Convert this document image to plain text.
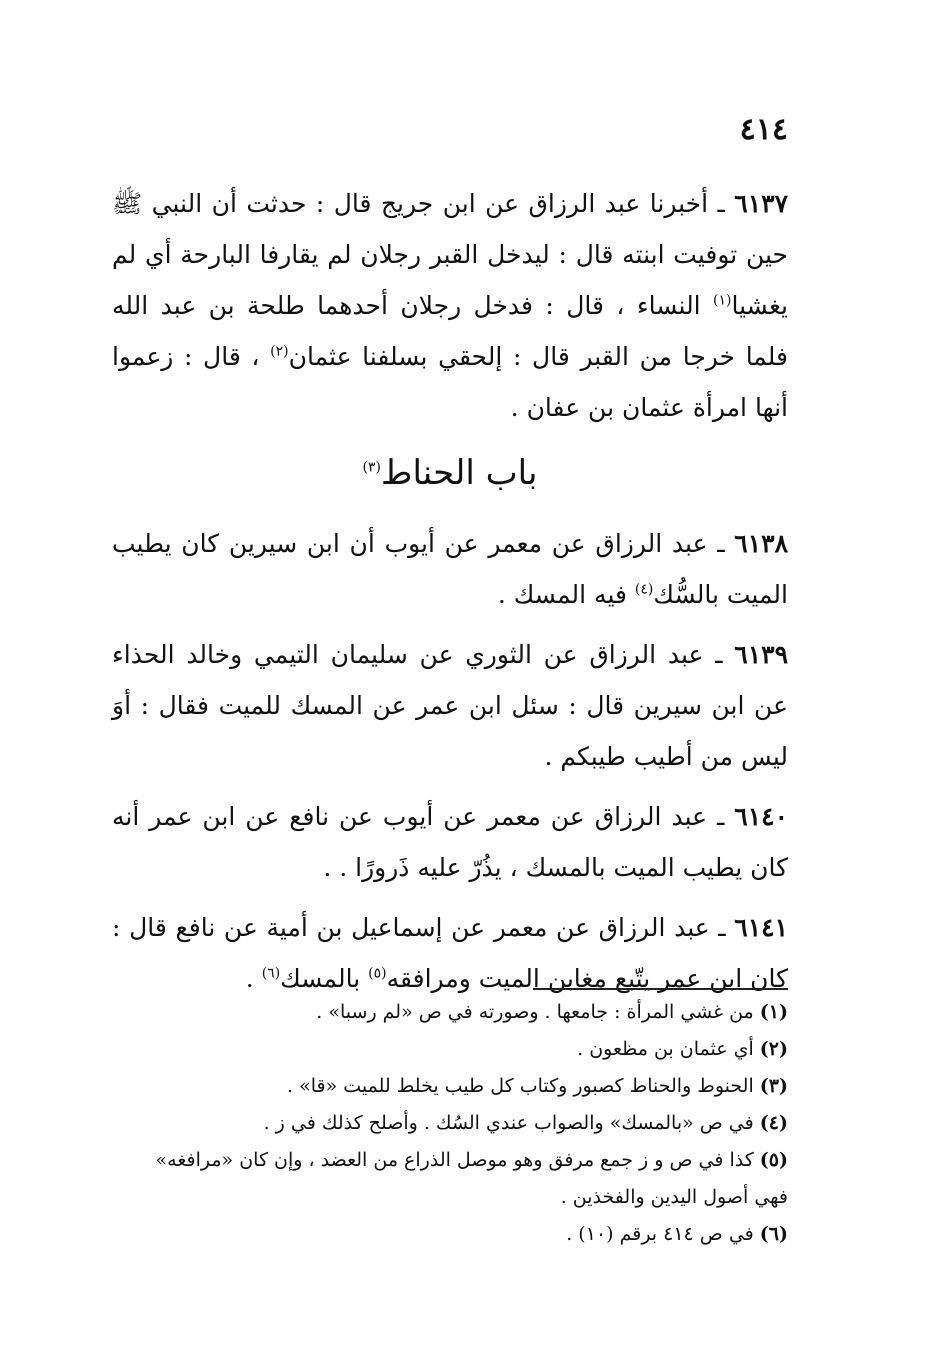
٤١٤

٦١٣٧ ـ أخبرنا عبد الرزاق عن ابن جريج قال : حدثت أن النبي ﷺ حين توفيت ابنته قال : ليدخل القبر رجلان لم يقارفا البارحة أي لم يغشيا$^{(١)}$ النساء ، قال : فدخل رجلان أحدهما طلحة بن عبد الله فلما خرجا من القبر قال : إلحقي بسلفنا عثمان$^{(٢)}$ ، قال : زعموا أنها امرأة عثمان بن عفان .

باب الحناط$^{(٣)}$

٦١٣٨ ـ عبد الرزاق عن معمر عن أيوب أن ابن سيرين كان يطيب الميت بالسُّك$^{(٤)}$ فيه المسك .

٦١٣٩ ـ عبد الرزاق عن الثوري عن سليمان التيمي وخالد الحذاء عن ابن سيرين قال : سئل ابن عمر عن المسك للميت فقال : أوَ ليس من أطيب طيبكم .

٦١٤٠ ـ عبد الرزاق عن معمر عن أيوب عن نافع عن ابن عمر أنه كان يطيب الميت بالمسك ، يذُرّ عليه ذَرورًا . .

٦١٤١ ـ عبد الرزاق عن معمر عن إسماعيل بن أمية عن نافع قال : كان ابن عمر يتّبع مغابن الميت ومرافقه$^{(٥)}$ بالمسك$^{(٦)}$ .

(١) من غشي المرأة : جامعها . وصورته في ص «لم رسبا» .

(٢) أي عثمان بن مظعون .

(٣) الحنوط والحناط كصبور وكتاب كل طيب يخلط للميت «قا» .

(٤) في ص «بالمسك» والصواب عندي السُك . وأصلح كذلك في ز .

(٥) كذا في ص و ز جمع مرفق وهو موصل الذراع من العضد ، وإن كان «مرافغه»

فهي أصول اليدين والفخذين .

(٦) في ص ٤١٤ برقم (١٠) .
